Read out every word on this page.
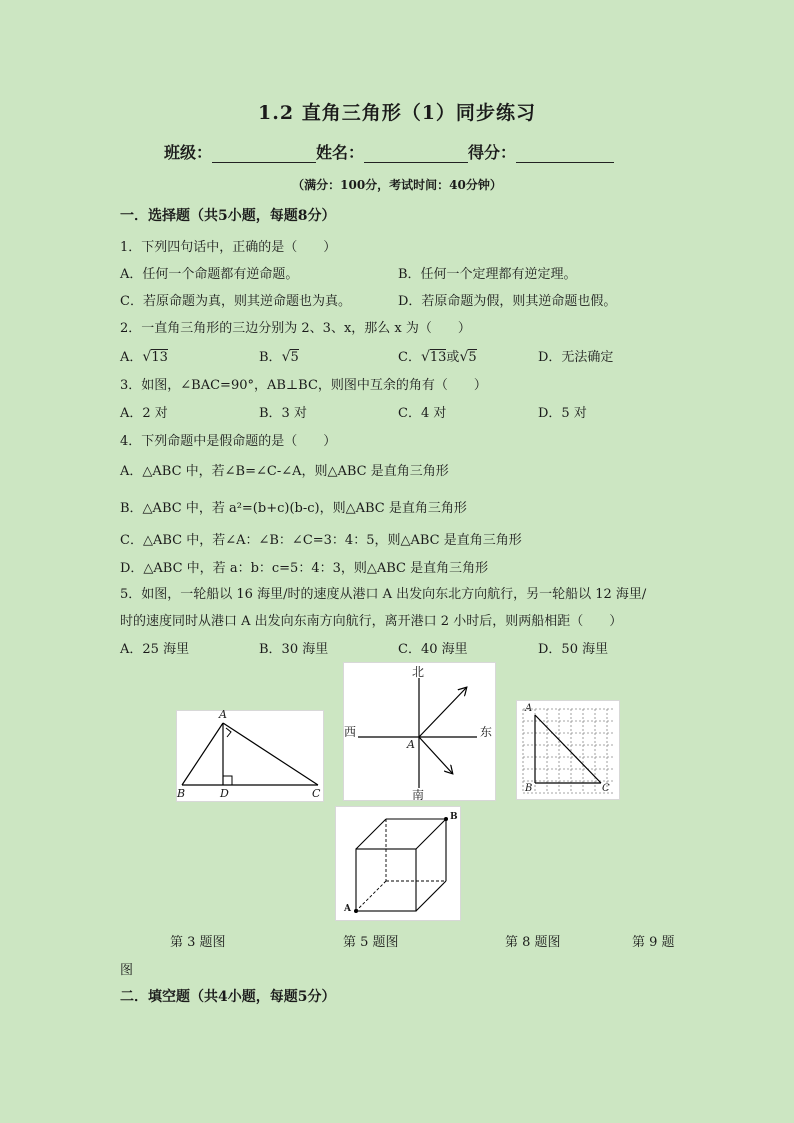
1.2 直角三角形（1）同步练习
班级：	姓名：	得分：
（满分：100分，考试时间：40分钟）
一．选择题（共5小题，每题8分）
1．下列四句话中，正确的是（　　）
A．任何一个命题都有逆命题。	B．任何一个定理都有逆定理。
C．若原命题为真，则其逆命题也为真。	D．若原命题为假，则其逆命题也假。
2．一直角三角形的三边分别为 2、3、x，那么 x 为（　　）
A．√13	B．√5	C．√13或√5	D．无法确定
3．如图，∠BAC=90°，AB⊥BC，则图中互余的角有（　　）
A．2 对	B．3 对	C．4 对	D．5 对
4．下列命题中是假命题的是（　　）
A．△ABC 中，若∠B=∠C-∠A，则△ABC 是直角三角形
B．△ABC 中，若 a²=(b+c)(b-c)，则△ABC 是直角三角形
C．△ABC 中，若∠A：∠B：∠C=3：4：5，则△ABC 是直角三角形
D．△ABC 中，若 a：b：c=5：4：3，则△ABC 是直角三角形
5．如图，一轮船以 16 海里/时的速度从港口 A 出发向东北方向航行，另一轮船以 12 海里/
时的速度同时从港口 A 出发向东南方向航行，离开港口 2 小时后，则两船相距（　　）
A．25 海里	B．30 海里	C．40 海里	D．50 海里
A
B	D	C
北
南
西	东
A
A
B	C
A
B
第 3 题图	第 5 题图	第 8 题图	第 9 题
图
二．填空题（共4小题，每题5分）
